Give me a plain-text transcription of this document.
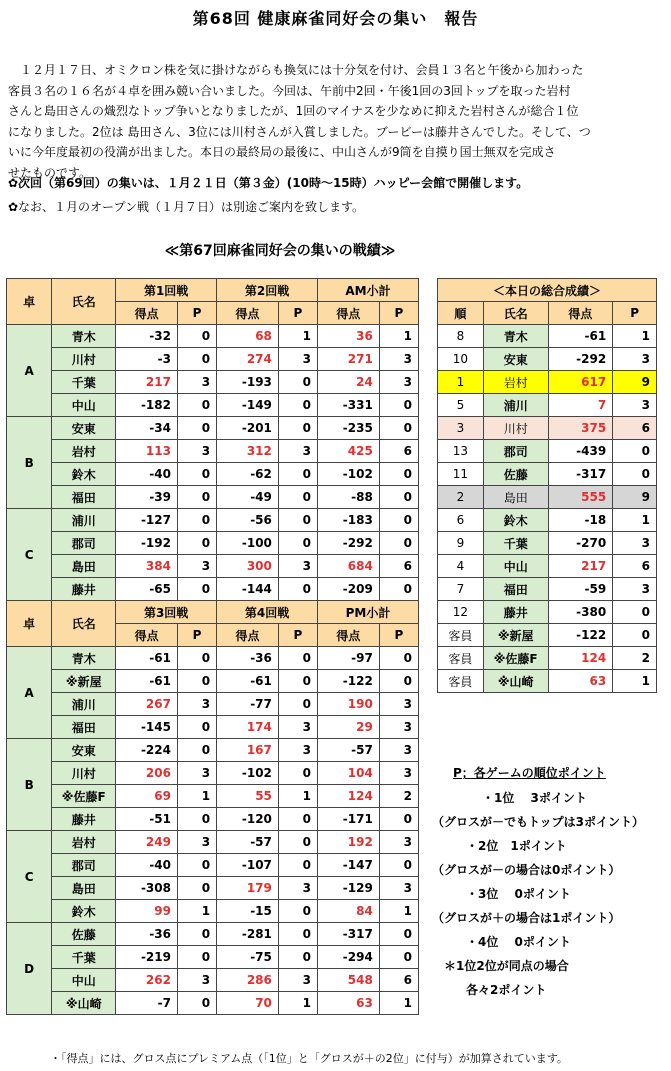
第68回 健康麻雀同好会の集い　報告

　１２月１７日、オミクロン株を気に掛けながらも換気には十分気を付け、会員１３名と午後から加わった

客員３名の１６名が４卓を囲み競い合いました。今回は、午前中2回・午後1回の3回トップを取った岩村

さんと島田さんの熾烈なトップ争いとなりましたが、1回のマイナスを少なめに抑えた岩村さんが総合１位

になりました。2位は 島田さん、3位には川村さんが入賞しました。ブービーは藤井さんでした。そして、つ

いに今年度最初の役満が出ました。本日の最終局の最後に、中山さんが9筒を自摸り国士無双を完成さ

せたものです。

✿次回（第69回）の集いは、１月２１日（第３金）(10時〜15時）ハッピー会館で開催します。
✿なお、１月のオープン戦（１月７日）は別途ご案内を致します。
≪第67回麻雀同好会の集いの戦績≫
卓	氏名	第1回戦		第2回戦		AM小計	
		得点	P	得点	P	得点	P
A	青木	-32	0	68	1	36	1
	川村	-3	0	274	3	271	3
	千葉	217	3	-193	0	24	3
	中山	-182	0	-149	0	-331	0
B	安東	-34	0	-201	0	-235	0
	岩村	113	3	312	3	425	6
	鈴木	-40	0	-62	0	-102	0
	福田	-39	0	-49	0	-88	0
C	浦川	-127	0	-56	0	-183	0
	郡司	-192	0	-100	0	-292	0
	島田	384	3	300	3	684	6
	藤井	-65	0	-144	0	-209	0
卓	氏名	第3回戦		第4回戦		PM小計	
		得点	P	得点	P	得点	P
A	青木	-61	0	-36	0	-97	0
	※新屋	-61	0	-61	0	-122	0
	浦川	267	3	-77	0	190	3
	福田	-145	0	174	3	29	3
B	安東	-224	0	167	3	-57	3
	川村	206	3	-102	0	104	3
	※佐藤F	69	1	55	1	124	2
	藤井	-51	0	-120	0	-171	0
C	岩村	249	3	-57	0	192	3
	郡司	-40	0	-107	0	-147	0
	島田	-308	0	179	3	-129	3
	鈴木	99	1	-15	0	84	1
D	佐藤	-36	0	-281	0	-317	0
	千葉	-219	0	-75	0	-294	0
	中山	262	3	286	3	548	6
	※山崎	-7	0	70	1	63	1
＜本日の総合成績＞			
順	氏名	得点	P
8	青木	-61	1
10	安東	-292	3
1	岩村	617	9
5	浦川	7	3
3	川村	375	6
13	郡司	-439	0
11	佐藤	-317	0
2	島田	555	9
6	鈴木	-18	1
9	千葉	-270	3
4	中山	217	6
7	福田	-59	3
12	藤井	-380	0
客員	※新屋	-122	0
客員	※佐藤F	124	2
客員	※山崎	63	1
P；各ゲームの順位ポイント
・1位　 3ポイント
（グロスが－でもトップは3ポイント）
・2位　1ポイント
（グロスが－の場合は0ポイント）
・3位　 0ポイント
（グロスが＋の場合は1ポイント）
・4位　 0ポイント
＊1位2位が同点の場合
各々2ポイント
・「得点」には、グロス点にプレミアム点（「1位」と「グロスが＋の2位」に付与）が加算されています。
